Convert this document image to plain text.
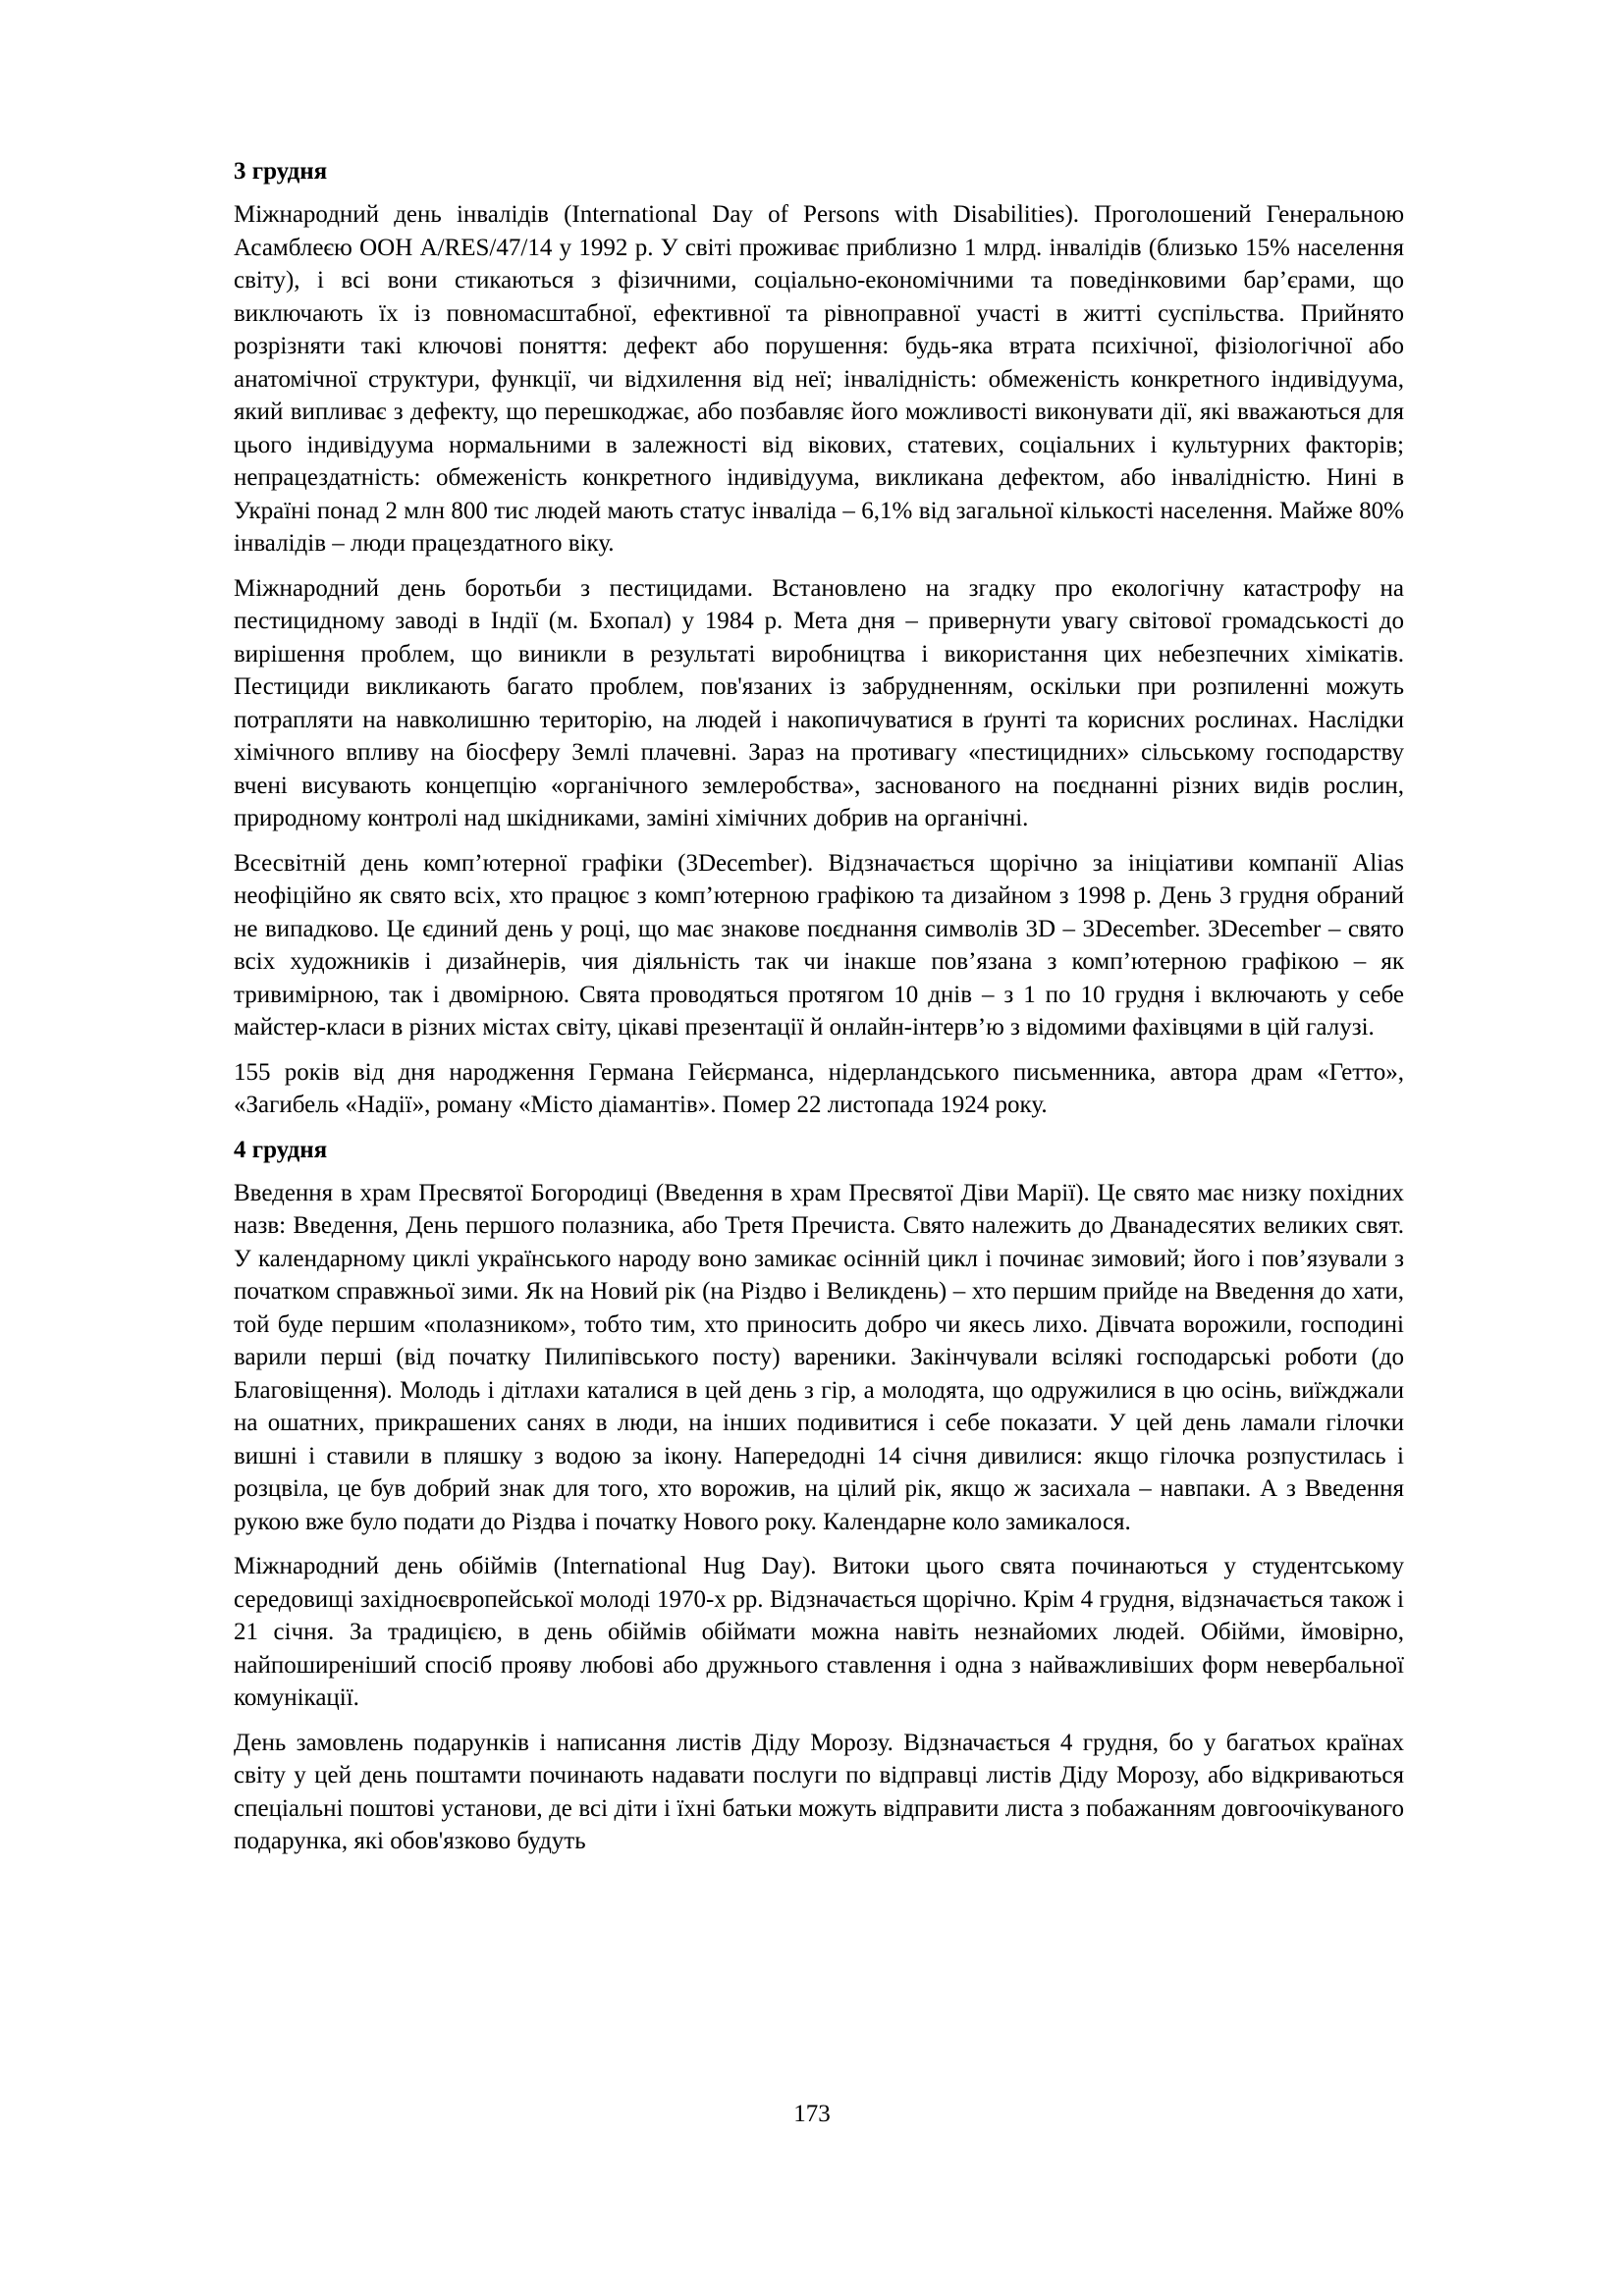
3 грудня

Міжнародний день інвалідів (International Day of Persons with Disabilities). Проголошений Генеральною Асамблеєю ООН A/RES/47/14 у 1992 р. У світі проживає приблизно 1 млрд. інвалідів (близько 15% населення світу), і всі вони стикаються з фізичними, соціально-економічними та поведінковими бар’єрами, що виключають їх із повномасштабної, ефективної та рівноправної участі в житті суспільства. Прийнято розрізняти такі ключові поняття: дефект або порушення: будь-яка втрата психічної, фізіологічної або анатомічної структури, функції, чи відхилення від неї; інвалідність: обмеженість конкретного індивідуума, який випливає з дефекту, що перешкоджає, або позбавляє його можливості виконувати дії, які вважаються для цього індивідуума нормальними в залежності від вікових, статевих, соціальних і культурних факторів; непрацездатність: обмеженість конкретного індивідуума, викликана дефектом, або інвалідністю. Нині в Україні понад 2 млн 800 тис людей мають статус інваліда – 6,1% від загальної кількості населення. Майже 80% інвалідів – люди працездатного віку.

Міжнародний день боротьби з пестицидами. Встановлено на згадку про екологічну катастрофу на пестицидному заводі в Індії (м. Бхопал) у 1984 р. Мета дня – привернути увагу світової громадськості до вирішення проблем, що виникли в результаті виробництва і використання цих небезпечних хімікатів. Пестициди викликають багато проблем, пов'язаних із забрудненням, оскільки при розпиленні можуть потрапляти на навколишню територію, на людей і накопичуватися в ґрунті та корисних рослинах. Наслідки хімічного впливу на біосферу Землі плачевні. Зараз на противагу «пестицидних» сільському господарству вчені висувають концепцію «органічного землеробства», заснованого на поєднанні різних видів рослин, природному контролі над шкідниками, заміні хімічних добрив на органічні.

Всесвітній день комп’ютерної графіки (3December). Відзначається щорічно за ініціативи компанії Alias неофіційно як свято всіх, хто працює з комп’ютерною графікою та дизайном з 1998 р. День 3 грудня обраний не випадково. Це єдиний день у році, що має знакове поєднання символів 3D – 3December. 3December – свято всіх художників і дизайнерів, чия діяльність так чи інакше пов’язана з комп’ютерною графікою – як тривимірною, так і двомірною. Свята проводяться протягом 10 днів – з 1 по 10 грудня і включають у себе майстер-класи в різних містах світу, цікаві презентації й онлайн-інтерв’ю з відомими фахівцями в цій галузі.

155 років від дня народження Германа Гейєрманса, нідерландського письменника, автора драм «Гетто», «Загибель «Надії», роману «Місто діамантів». Помер 22 листопада 1924 року.

4 грудня

Введення в храм Пресвятої Богородиці (Введення в храм Пресвятої Діви Марії). Це свято має низку похідних назв: Введення, День першого полазника, або Третя Пречиста. Свято належить до Дванадесятих великих свят. У календарному циклі українського народу воно замикає осінній цикл і починає зимовий; його і пов’язували з початком справжньої зими. Як на Новий рік (на Різдво і Великдень) – хто першим прийде на Введення до хати, той буде першим «полазником», тобто тим, хто приносить добро чи якесь лихо. Дівчата ворожили, господині варили перші (від початку Пилипівського посту) вареники. Закінчували всілякі господарські роботи (до Благовіщення). Молодь і дітлахи каталися в цей день з гір, а молодята, що одружилися в цю осінь, виїжджали на ошатних, прикрашених санях в люди, на інших подивитися і себе показати. У цей день ламали гілочки вишні і ставили в пляшку з водою за ікону. Напередодні 14 січня дивилися: якщо гілочка розпустилась і розцвіла, це був добрий знак для того, хто ворожив, на цілий рік, якщо ж засихала – навпаки. А з Введення рукою вже було подати до Різдва і початку Нового року. Календарне коло замикалося.

Міжнародний день обіймів (International Hug Day). Витоки цього свята починаються у студентському середовищі західноєвропейської молоді 1970-х рр. Відзначається щорічно. Крім 4 грудня, відзначається також і 21 січня. За традицією, в день обіймів обіймати можна навіть незнайомих людей. Обійми, ймовірно, найпоширеніший спосіб прояву любові або дружнього ставлення і одна з найважливіших форм невербальної комунікації.

День замовлень подарунків і написання листів Діду Морозу. Відзначається 4 грудня, бо у багатьох країнах світу у цей день поштамти починають надавати послуги по відправці листів Діду Морозу, або відкриваються спеціальні поштові установи, де всі діти і їхні батьки можуть відправити листа з побажанням довгоочікуваного подарунка, які обов'язково будуть

173
